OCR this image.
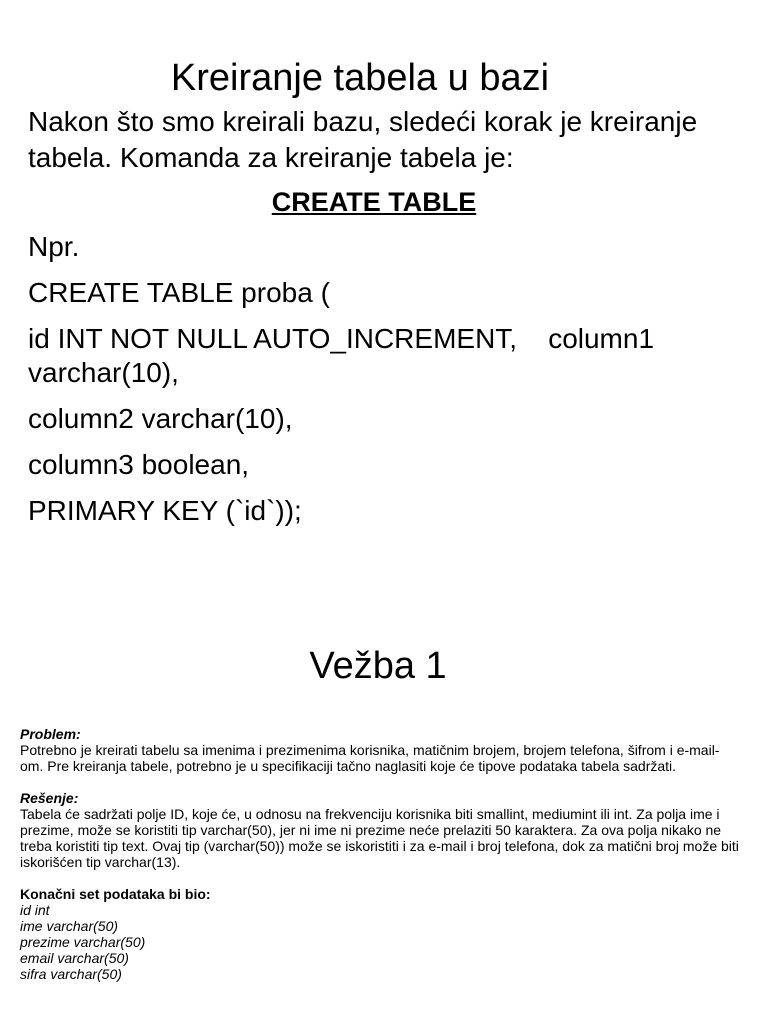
Kreiranje tabela u bazi
Nakon što smo kreirali bazu, sledeći korak je kreiranje tabela. Komanda za kreiranje tabela je:
CREATE TABLE
Npr.
CREATE TABLE proba (
id INT NOT NULL AUTO_INCREMENT,    column1 varchar(10),
column2 varchar(10),
column3 boolean,
PRIMARY KEY (`id`));
Vežba 1
Problem:

Potrebno je kreirati tabelu sa imenima i prezimenima korisnika, matičnim brojem, brojem telefona, šifrom i e-mail-om. Pre kreiranja tabele, potrebno je u specifikaciji tačno naglasiti koje će tipove podataka tabela sadržati.

Rešenje:

Tabela će sadržati polje ID, koje će, u odnosu na frekvenciju korisnika biti smallint, mediumint ili int. Za polja ime i prezime, može se koristiti tip varchar(50), jer ni ime ni prezime neće prelaziti 50 karaktera. Za ova polja nikako ne treba koristiti tip text. Ovaj tip (varchar(50)) može se iskoristiti i za e-mail i broj telefona, dok za matični broj može biti iskorišćen tip varchar(13).

Konačni set podataka bi bio:
id int
ime varchar(50)
prezime varchar(50)
email varchar(50)
sifra varchar(50)
